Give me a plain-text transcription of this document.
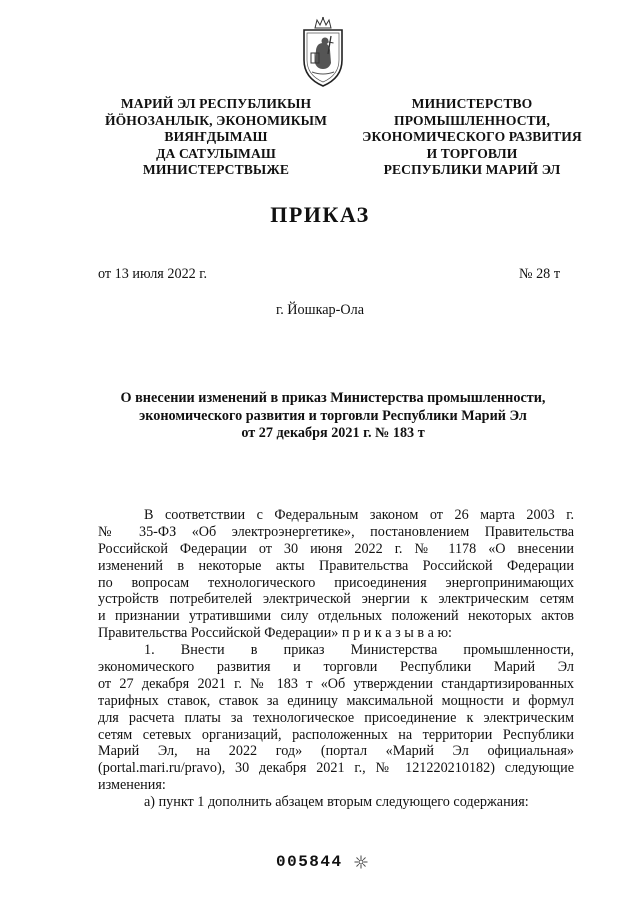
МАРИЙ ЭЛ РЕСПУБЛИКЫН
ЙӦНОЗАНЛЫК, ЭКОНОМИКЫМ
ВИЯҤДЫМАШ
ДА САТУЛЫМАШ
МИНИСТЕРСТВЫЖЕ
МИНИСТЕРСТВО
ПРОМЫШЛЕННОСТИ,
ЭКОНОМИЧЕСКОГО РАЗВИТИЯ
И ТОРГОВЛИ
РЕСПУБЛИКИ МАРИЙ ЭЛ
ПРИКАЗ
от 13 июля 2022 г.	№ 28 т
г. Йошкар-Ола
О внесении изменений в приказ Министерства промышленности,
экономического развития и торговли Республики Марий Эл
от 27 декабря 2021 г. № 183 т
В соответствии с Федеральным законом от 26 марта 2003 г.
№ 35-ФЗ «Об электроэнергетике», постановлением Правительства
Российской Федерации от 30 июня 2022 г. № 1178 «О внесении
изменений в некоторые акты Правительства Российской Федерации
по вопросам технологического присоединения энергопринимающих
устройств потребителей электрической энергии к электрическим сетям
и признании утратившими силу отдельных положений некоторых актов
Правительства Российской Федерации» п р и к а з ы в а ю:
1. Внести в приказ Министерства промышленности,
экономического развития и торговли Республики Марий Эл
от 27 декабря 2021 г. № 183 т «Об утверждении стандартизированных
тарифных ставок, ставок за единицу максимальной мощности и формул
для расчета платы за технологическое присоединение к электрическим
сетям сетевых организаций, расположенных на территории Республики
Марий Эл, на 2022 год» (портал «Марий Эл официальная»
(portal.mari.ru/pravo), 30 декабря 2021 г., № 121220210182) следующие
изменения:
а) пункт 1 дополнить абзацем вторым следующего содержания:
005844
